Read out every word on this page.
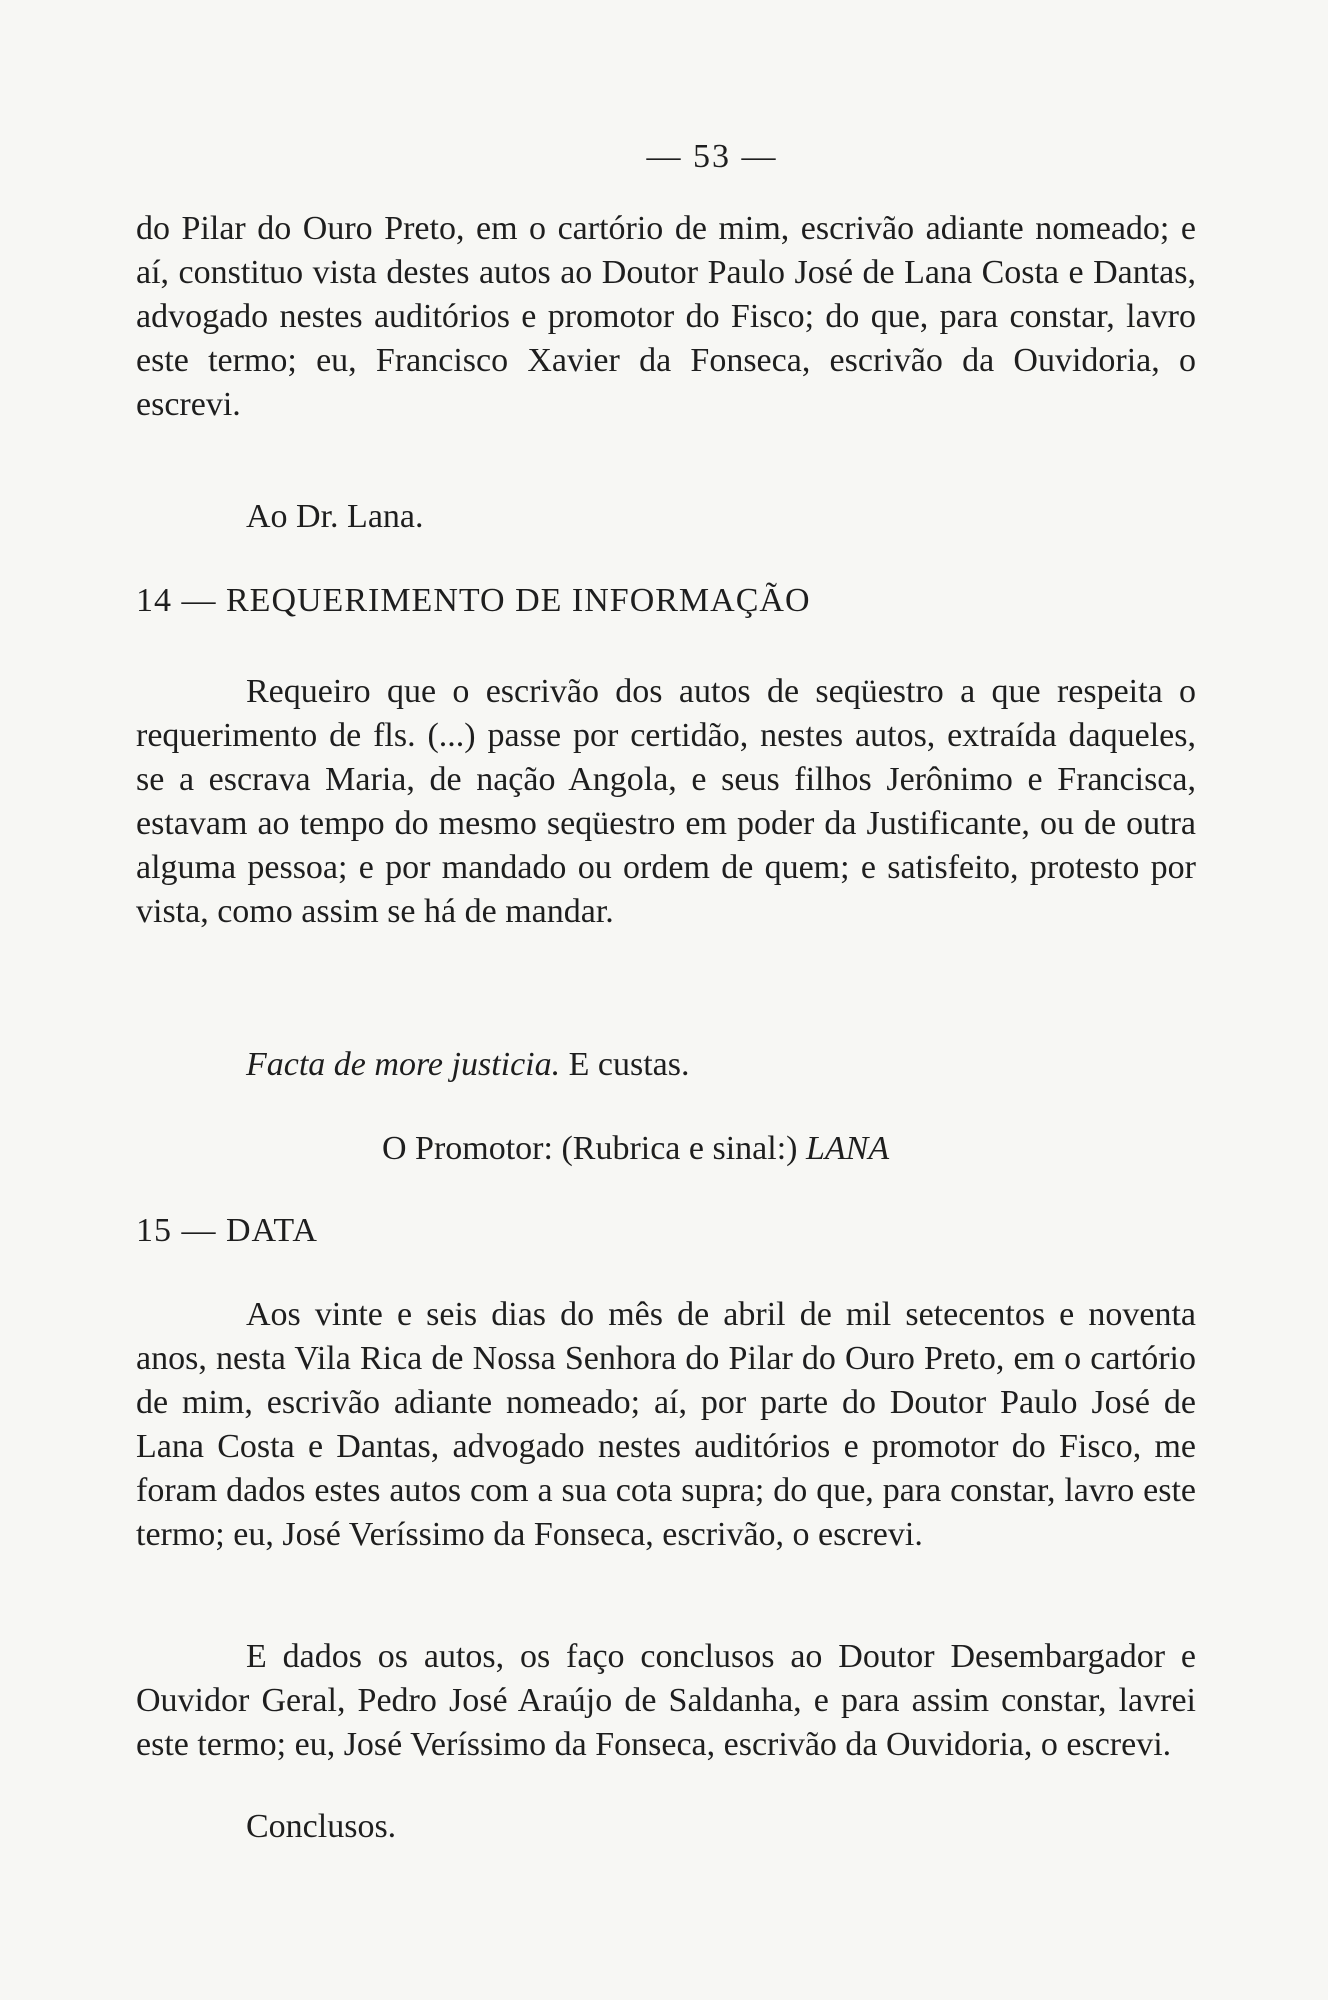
— 53 —

do Pilar do Ouro Preto, em o cartório de mim, escrivão adiante nomeado; e aí, constituo vista destes autos ao Doutor Paulo José de Lana Costa e Dantas, advogado nestes auditórios e promotor do Fisco; do que, para constar, lavro este termo; eu, Francisco Xavier da Fonseca, escrivão da Ouvidoria, o escrevi.

Ao Dr. Lana.
14 — REQUERIMENTO DE INFORMAÇÃO

Requeiro que o escrivão dos autos de seqüestro a que respeita o requerimento de fls. (...) passe por certidão, nestes autos, extraída daqueles, se a escrava Maria, de nação Angola, e seus filhos Jerônimo e Francisca, estavam ao tempo do mesmo seqüestro em poder da Justificante, ou de outra alguma pessoa; e por mandado ou ordem de quem; e satisfeito, protesto por vista, como assim se há de mandar.

Facta de more justicia. E custas.
O Promotor: (Rubrica e sinal:) LANA
15 — DATA

Aos vinte e seis dias do mês de abril de mil setecentos e noventa anos, nesta Vila Rica de Nossa Senhora do Pilar do Ouro Preto, em o cartório de mim, escrivão adiante nomeado; aí, por parte do Doutor Paulo José de Lana Costa e Dantas, advogado nestes auditórios e promotor do Fisco, me foram dados estes autos com a sua cota supra; do que, para constar, lavro este termo; eu, José Veríssimo da Fonseca, escrivão, o escrevi.

E dados os autos, os faço conclusos ao Doutor Desembargador e Ouvidor Geral, Pedro José Araújo de Saldanha, e para assim constar, lavrei este termo; eu, José Veríssimo da Fonseca, escrivão da Ouvidoria, o escrevi.

Conclusos.
